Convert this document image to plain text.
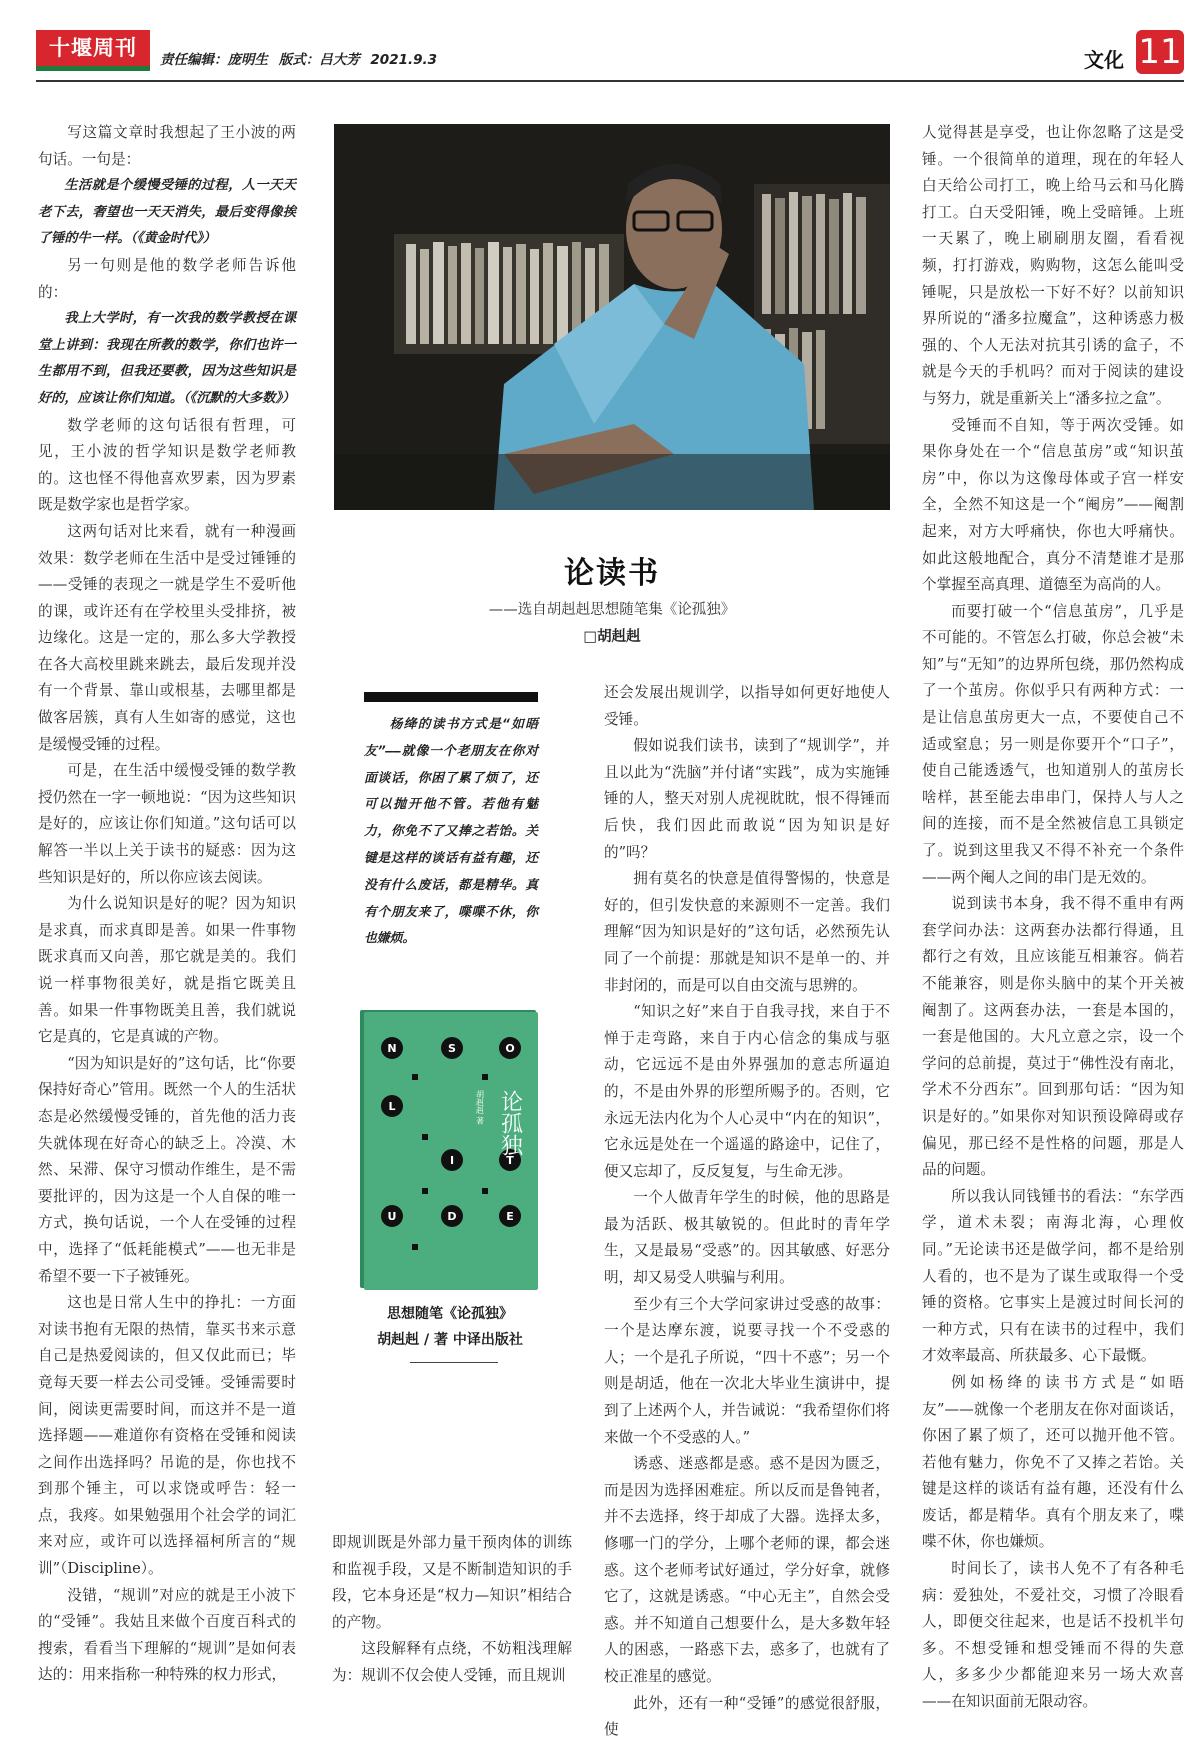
十堰周刊	责任编辑：庞明生 版式：吕大芳 2021.9.3	文化 11

写这篇文章时我想起了王小波的两句话。一句是：

生活就是个缓慢受锤的过程，人一天天老下去，奢望也一天天消失，最后变得像挨了锤的牛一样。（《黄金时代》）

另一句则是他的数学老师告诉他的：

我上大学时，有一次我的数学教授在课堂上讲到：我现在所教的数学，你们也许一生都用不到，但我还要教，因为这些知识是好的，应该让你们知道。（《沉默的大多数》）

数学老师的这句话很有哲理，可见，王小波的哲学知识是数学老师教的。这也怪不得他喜欢罗素，因为罗素既是数学家也是哲学家。

这两句话对比来看，就有一种漫画效果：数学老师在生活中是受过锤锤的——受锤的表现之一就是学生不爱听他的课，或许还有在学校里头受排挤，被边缘化。这是一定的，那么多大学教授在各大高校里跳来跳去，最后发现并没有一个背景、靠山或根基，去哪里都是做客居簇，真有人生如寄的感觉，这也是缓慢受锤的过程。

可是，在生活中缓慢受锤的数学教授仍然在一字一顿地说：“因为这些知识是好的，应该让你们知道。”这句话可以解答一半以上关于读书的疑惑：因为这些知识是好的，所以你应该去阅读。

为什么说知识是好的呢？因为知识是求真，而求真即是善。如果一件事物既求真而又向善，那它就是美的。我们说一样事物很美好，就是指它既美且善。如果一件事物既美且善，我们就说它是真的，它是真诚的产物。

“因为知识是好的”这句话，比“你要保持好奇心”管用。既然一个人的生活状态是必然缓慢受锤的，首先他的活力丧失就体现在好奇心的缺乏上。冷漠、木然、呆滞、保守习惯动作维生，是不需要批评的，因为这是一个人自保的唯一方式，换句话说，一个人在受锤的过程中，选择了“低耗能模式”——也无非是希望不要一下子被锤死。

这也是日常人生中的挣扎：一方面对读书抱有无限的热情，靠买书来示意自己是热爱阅读的，但又仅此而已；毕竟每天要一样去公司受锤。受锤需要时间，阅读更需要时间，而这并不是一道选择题——难道你有资格在受锤和阅读之间作出选择吗？吊诡的是，你也找不到那个锤主，可以求饶或呼告：轻一点，我疼。如果勉强用个社会学的词汇来对应，或许可以选择福柯所言的“规训”（Discipline）。

没错，“规训”对应的就是王小波下的“受锤”。我姑且来做个百度百科式的搜索，看看当下理解的“规训”是如何表达的：用来指称一种特殊的权力形式，

还会发展出规训学，以指导如何更好地使人受锤。

假如说我们读书，读到了“规训学”，并且以此为“洗脑”并付诸“实践”，成为实施锤锤的人，整天对别人虎视眈眈，恨不得锤而后快，我们因此而敢说“因为知识是好的”吗？

拥有莫名的快意是值得警惕的，快意是好的，但引发快意的来源则不一定善。我们理解“因为知识是好的”这句话，必然预先认同了一个前提：那就是知识不是单一的、并非封闭的，而是可以自由交流与思辨的。

“知识之好”来自于自我寻找，来自于不惮于走弯路，来自于内心信念的集成与驱动，它远远不是由外界强加的意志所逼迫的，不是由外界的形塑所赐予的。否则，它永远无法内化为个人心灵中“内在的知识”，它永远是处在一个遥遥的路途中，记住了，便又忘却了，反反复复，与生命无涉。

一个人做青年学生的时候，他的思路是最为活跃、极其敏锐的。但此时的青年学生，又是最易“受惑”的。因其敏感、好恶分明，却又易受人哄骗与利用。

至少有三个大学问家讲过受惑的故事：一个是达摩东渡，说要寻找一个不受惑的人；一个是孔子所说，“四十不惑”；另一个则是胡适，他在一次北大毕业生演讲中，提到了上述两个人，并告诫说：“我希望你们将来做一个不受惑的人。”

诱惑、迷惑都是惑。惑不是因为匮乏，而是因为选择困难症。所以反而是鲁钝者，并不去选择，终于却成了大器。选择太多，修哪一门的学分，上哪个老师的课，都会迷惑。这个老师考试好通过，学分好拿，就修它了，这就是诱惑。“中心无主”，自然会受惑。并不知道自己想要什么，是大多数年轻人的困惑，一路惑下去，惑多了，也就有了校正准星的感觉。

此外，还有一种“受锤”的感觉很舒服，使

人觉得甚是享受，也让你忽略了这是受锤。一个很简单的道理，现在的年轻人白天给公司打工，晚上给马云和马化腾打工。白天受阳锤，晚上受暗锤。上班一天累了，晚上刷刷朋友圈，看看视频，打打游戏，购购物，这怎么能叫受锤呢，只是放松一下好不好？以前知识界所说的“潘多拉魔盒”，这种诱惑力极强的、个人无法对抗其引诱的盒子，不就是今天的手机吗？而对于阅读的建设与努力，就是重新关上“潘多拉之盒”。

受锤而不自知，等于两次受锤。如果你身处在一个“信息茧房”或“知识茧房”中，你以为这像母体或子宫一样安全，全然不知这是一个“阉房”——阉割起来，对方大呼痛快，你也大呼痛快。如此这般地配合，真分不清楚谁才是那个掌握至高真理、道德至为高尚的人。

而要打破一个“信息茧房”，几乎是不可能的。不管怎么打破，你总会被“未知”与“无知”的边界所包绕，那仍然构成了一个茧房。你似乎只有两种方式：一是让信息茧房更大一点，不要使自己不适或窒息；另一则是你要开个“口子”，使自己能透透气，也知道别人的茧房长啥样，甚至能去串串门，保持人与人之间的连接，而不是全然被信息工具锁定了。说到这里我又不得不补充一个条件——两个阉人之间的串门是无效的。

说到读书本身，我不得不重申有两套学问办法：这两套办法都行得通，且都行之有效，且应该能互相兼容。倘若不能兼容，则是你头脑中的某个开关被阉割了。这两套办法，一套是本国的，一套是他国的。大凡立意之宗，设一个学问的总前提，莫过于“佛性没有南北，学术不分西东”。回到那句话：“因为知识是好的。”如果你对知识预设障碍或存偏见，那已经不是性格的问题，那是人品的问题。

所以我认同钱锺书的看法：“东学西学，道术未裂；南海北海，心理攸同。”无论读书还是做学问，都不是给别人看的，也不是为了谋生或取得一个受锤的资格。它事实上是渡过时间长河的一种方式，只有在读书的过程中，我们才效率最高、所获最多、心下最慨。

例如杨绛的读书方式是“如晤友”——就像一个老朋友在你对面谈话，你困了累了烦了，还可以抛开他不管。若他有魅力，你免不了又捧之若饴。关键是这样的谈话有益有趣，还没有什么废话，都是精华。真有个朋友来了，喋喋不休，你也嫌烦。

时间长了，读书人免不了有各种毛病：爱独处，不爱社交，习惯了冷眼看人，即便交往起来，也是话不投机半句多。不想受锤和想受锤而不得的失意人，多多少少都能迎来另一场大欢喜——在知识面前无限动容。

即规训既是外部力量干预肉体的训练和监视手段，又是不断制造知识的手段，它本身还是“权力—知识”相结合的产物。

这段解释有点绕，不妨粗浅理解为：规训不仅会使人受锤，而且规训

论读书
——选自胡赳赳思想随笔集《论孤独》
□胡赳赳
杨绛的读书方式是“如晤友”——就像一个老朋友在你对面谈话，你困了累了烦了，还可以抛开他不管。若他有魅力，你免不了又捧之若饴。关键是这样的谈话有益有趣，还没有什么废话，都是精华。真有个朋友来了，喋喋不休，你也嫌烦。
N	S	O
L
I	T
U	D	E
论孤独
胡赳赳 著
思想随笔《论孤独》
胡赳赳 / 著 中译出版社
